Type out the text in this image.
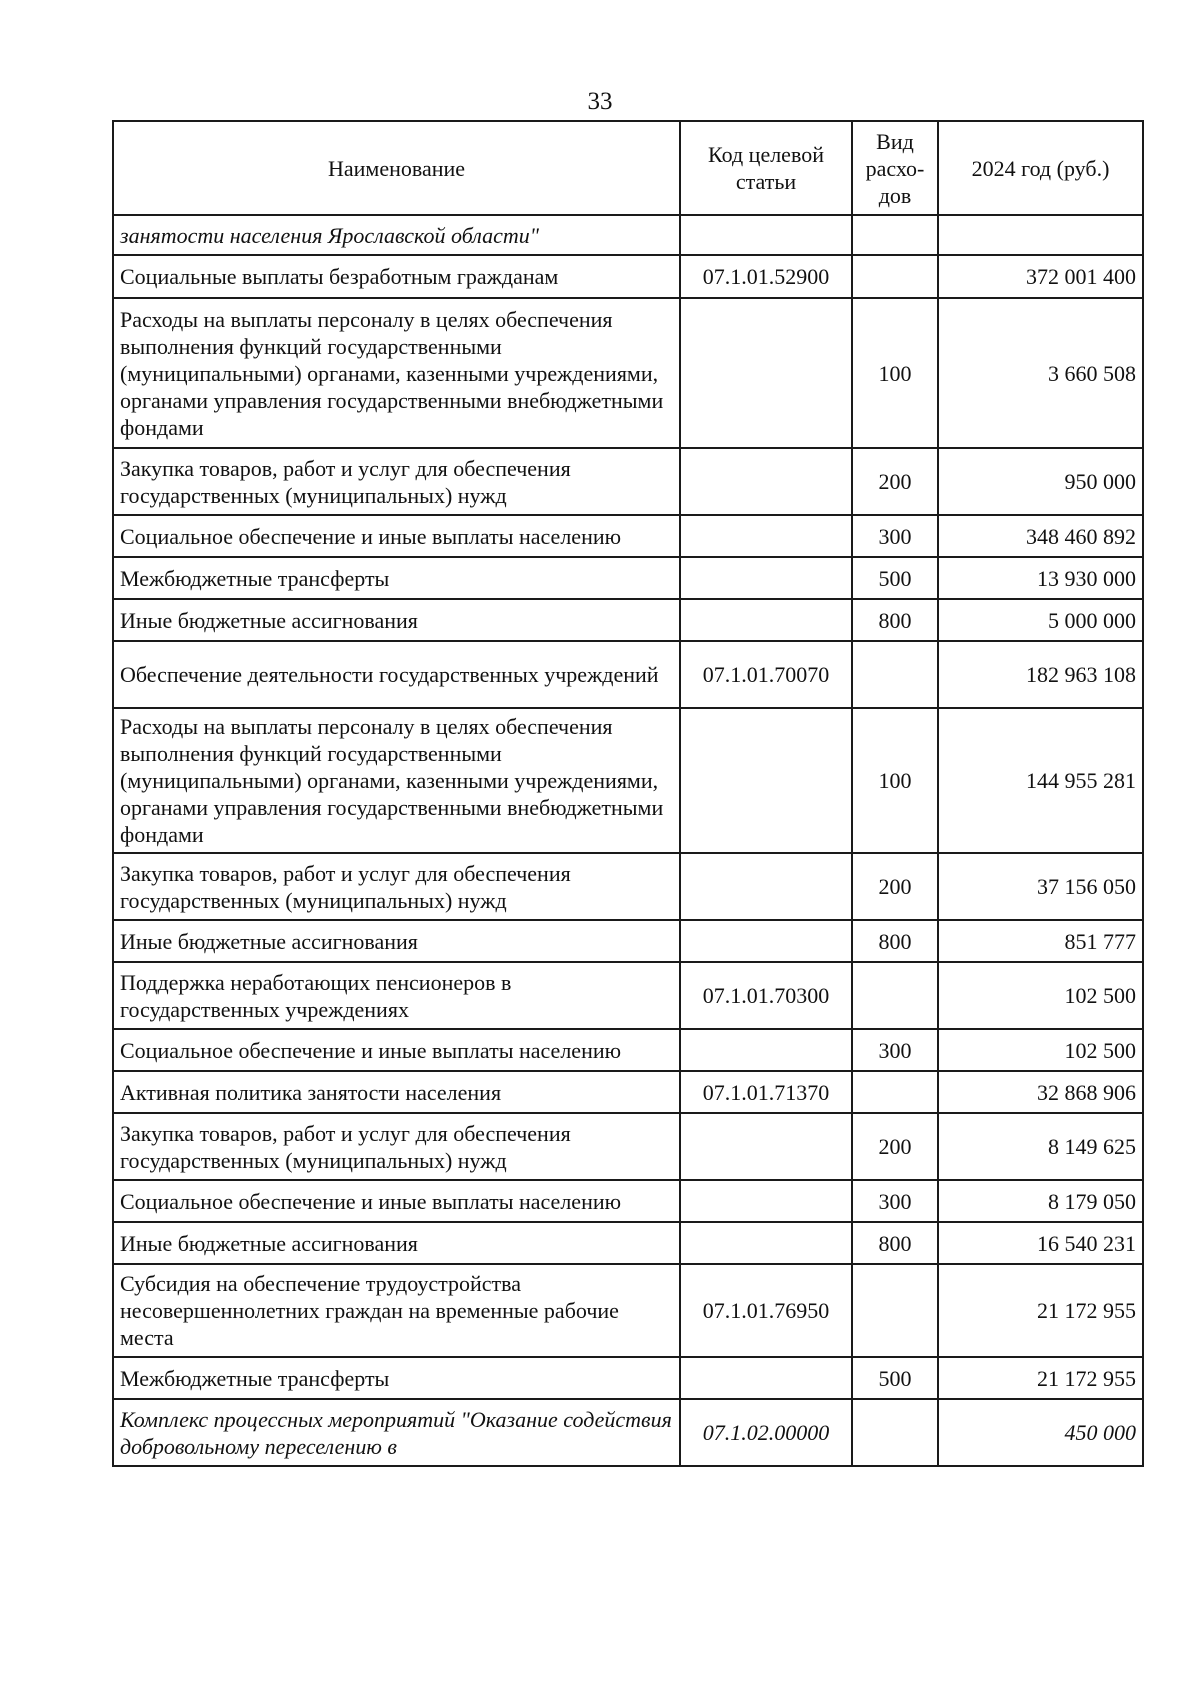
33
Наименование	Код целевой статьи	Вид расхо-дов	2024 год (руб.)
занятости населения Ярославской области"			
Социальные выплаты безработным гражданам	07.1.01.52900		372 001 400
Расходы на выплаты персоналу в целях обеспечения выполнения функций государственными (муниципальными) органами, казенными учреждениями, органами управления государственными внебюджетными фондами		100	3 660 508
Закупка товаров, работ и услуг для обеспечения государственных (муниципальных) нужд		200	950 000
Социальное обеспечение и иные выплаты населению		300	348 460 892
Межбюджетные трансферты		500	13 930 000
Иные бюджетные ассигнования		800	5 000 000
Обеспечение деятельности государственных учреждений	07.1.01.70070		182 963 108
Расходы на выплаты персоналу в целях обеспечения выполнения функций государственными (муниципальными) органами, казенными учреждениями, органами управления государственными внебюджетными фондами		100	144 955 281
Закупка товаров, работ и услуг для обеспечения государственных (муниципальных) нужд		200	37 156 050
Иные бюджетные ассигнования		800	851 777
Поддержка неработающих пенсионеров в государственных учреждениях	07.1.01.70300		102 500
Социальное обеспечение и иные выплаты населению		300	102 500
Активная политика занятости населения	07.1.01.71370		32 868 906
Закупка товаров, работ и услуг для обеспечения государственных (муниципальных) нужд		200	8 149 625
Социальное обеспечение и иные выплаты населению		300	8 179 050
Иные бюджетные ассигнования		800	16 540 231
Субсидия на обеспечение трудоустройства несовершеннолетних граждан на временные рабочие места	07.1.01.76950		21 172 955
Межбюджетные трансферты		500	21 172 955
Комплекс процессных мероприятий "Оказание содействия добровольному переселению в	07.1.02.00000		450 000
